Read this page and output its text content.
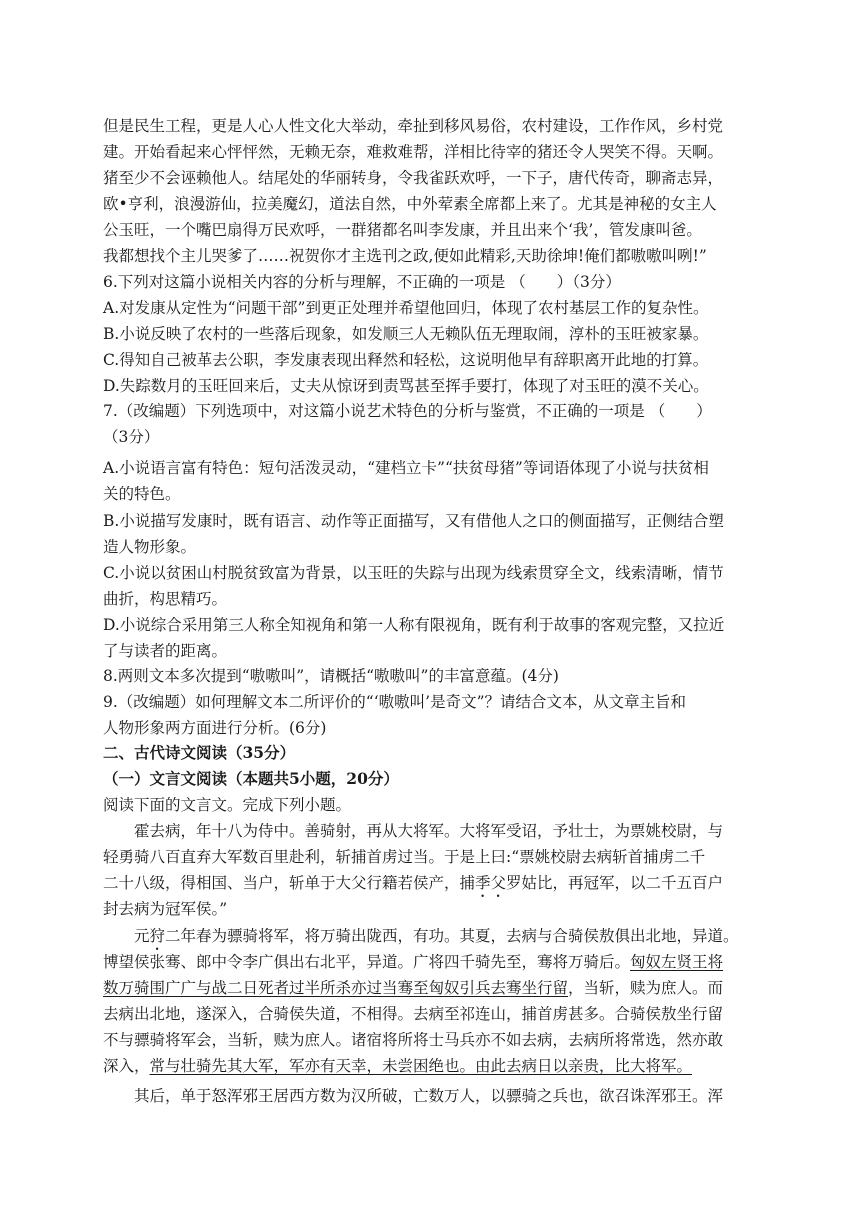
但是民生工程，更是人心人性文化大举动，牵扯到移风易俗，农村建设，工作作风，乡村党
建。开始看起来心怦怦然，无赖无奈，难救难帮，洋相比待宰的猪还令人哭笑不得。天啊。
猪至少不会诬赖他人。结尾处的华丽转身，令我雀跃欢呼，一下子，唐代传奇，聊斋志异，
欧•亨利，浪漫游仙，拉美魔幻，道法自然，中外荤素全席都上来了。尤其是神秘的女主人
公玉旺，一个嘴巴扇得万民欢呼，一群猪都名叫李发康，并且出来个‘我’，管发康叫爸。
我都想找个主儿哭爹了……祝贺你才主选刊之政,便如此精彩,天助徐坤!俺们都嗷嗷叫咧!”
6.下列对这篇小说相关内容的分析与理解，不正确的一项是 （　　）（3分）
A.对发康从定性为“问题干部”到更正处理并希望他回归，体现了农村基层工作的复杂性。
B.小说反映了农村的一些落后现象，如发顺三人无赖队伍无理取闹，淳朴的玉旺被家暴。
C.得知自己被革去公职，李发康表现出释然和轻松，这说明他早有辞职离开此地的打算。
D.失踪数月的玉旺回来后，丈夫从惊讶到责骂甚至挥手要打，体现了对玉旺的漠不关心。
7.（改编题）下列选项中，对这篇小说艺术特色的分析与鉴赏，不正确的一项是 （　　）
（3分）
A.小说语言富有特色：短句活泼灵动，“建档立卡”“扶贫母猪”等词语体现了小说与扶贫相
关的特色。
B.小说描写发康时，既有语言、动作等正面描写，又有借他人之口的侧面描写，正侧结合塑
造人物形象。
C.小说以贫困山村脱贫致富为背景，以玉旺的失踪与出现为线索贯穿全文，线索清晰，情节
曲折，构思精巧。
D.小说综合采用第三人称全知视角和第一人称有限视角，既有利于故事的客观完整，又拉近
了与读者的距离。
8.两则文本多次提到“嗷嗷叫”，请概括“嗷嗷叫”的丰富意蕴。(4分)
9.（改编题）如何理解文本二所评价的“‘嗷嗷叫’是奇文”？请结合文本，从文章主旨和
人物形象两方面进行分析。(6分)
二、古代诗文阅读（35分）
（一）文言文阅读（本题共5小题，20分）
阅读下面的文言文。完成下列小题。
霍去病，年十八为侍中。善骑射，再从大将军。大将军受诏，予壮士，为票姚校尉，与
轻勇骑八百直弃大军数百里赴利，斩捕首虏过当。于是上曰:“票姚校尉去病斩首捕虏二千
二十八级，得相国、当户，斩单于大父行籍若侯产，捕季父罗姑比，再冠军，以二千五百户
封去病为冠军侯。”
元狩二年春为骠骑将军，将万骑出陇西，有功。其夏，去病与合骑侯敖俱出北地，异道。
博望侯张骞、郎中令李广俱出右北平，异道。广将四千骑先至，骞将万骑后。匈奴左贤王将
数万骑围广广与战二日死者过半所杀亦过当骞至匈奴引兵去骞坐行留，当斩，赎为庶人。而
去病出北地，遂深入，合骑侯失道，不相得。去病至祁连山，捕首虏甚多。合骑侯敖坐行留
不与骠骑将军会，当斩，赎为庶人。诸宿将所将士马兵亦不如去病，去病所将常选，然亦敢
深入，常与壮骑先其大军，军亦有天幸，未尝困绝也。由此去病日以亲贵，比大将军。
其后，单于怒浑邪王居西方数为汉所破，亡数万人，以骠骑之兵也，欲召诛浑邪王。浑
